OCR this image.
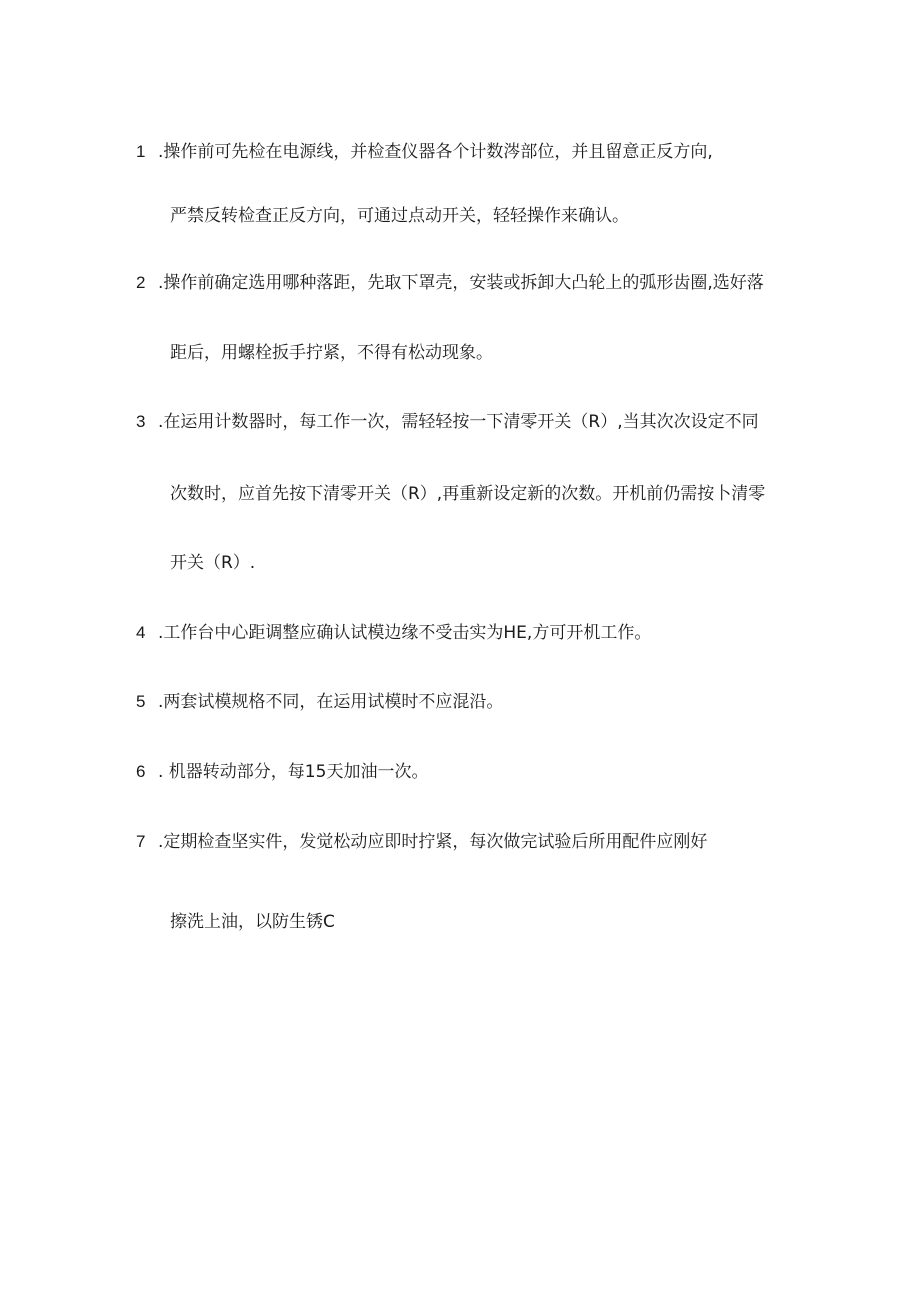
1 .操作前可先检在电源线，并检查仪器各个计数涔部位，并且留意正反方向,
严禁反转检查正反方向，可通过点动开关，轻轻操作来确认。
2 .操作前确定选用哪种落距，先取下罩壳，安装或拆卸大凸轮上的弧形齿圈,选好落
距后，用螺栓扳手拧紧，不得有松动现象。
3 .在运用计数器时，每工作一次，需轻轻按一下清零开关（R）,当其次次设定不同
次数时，应首先按下清零开关（R）,再重新设定新的次数。开机前仍需按卜清零
开关（R）.
4 .工作台中心距调整应确认试模边缘不受击实为HE,方可开机工作。
5 .两套试模规格不同，在运用试模时不应混沿。
6 . 机器转动部分，每15天加油一次。
7 .定期检查坚实件，发觉松动应即时拧紧，每次做完试验后所用配件应刚好
擦洗上油，以防生锈C
